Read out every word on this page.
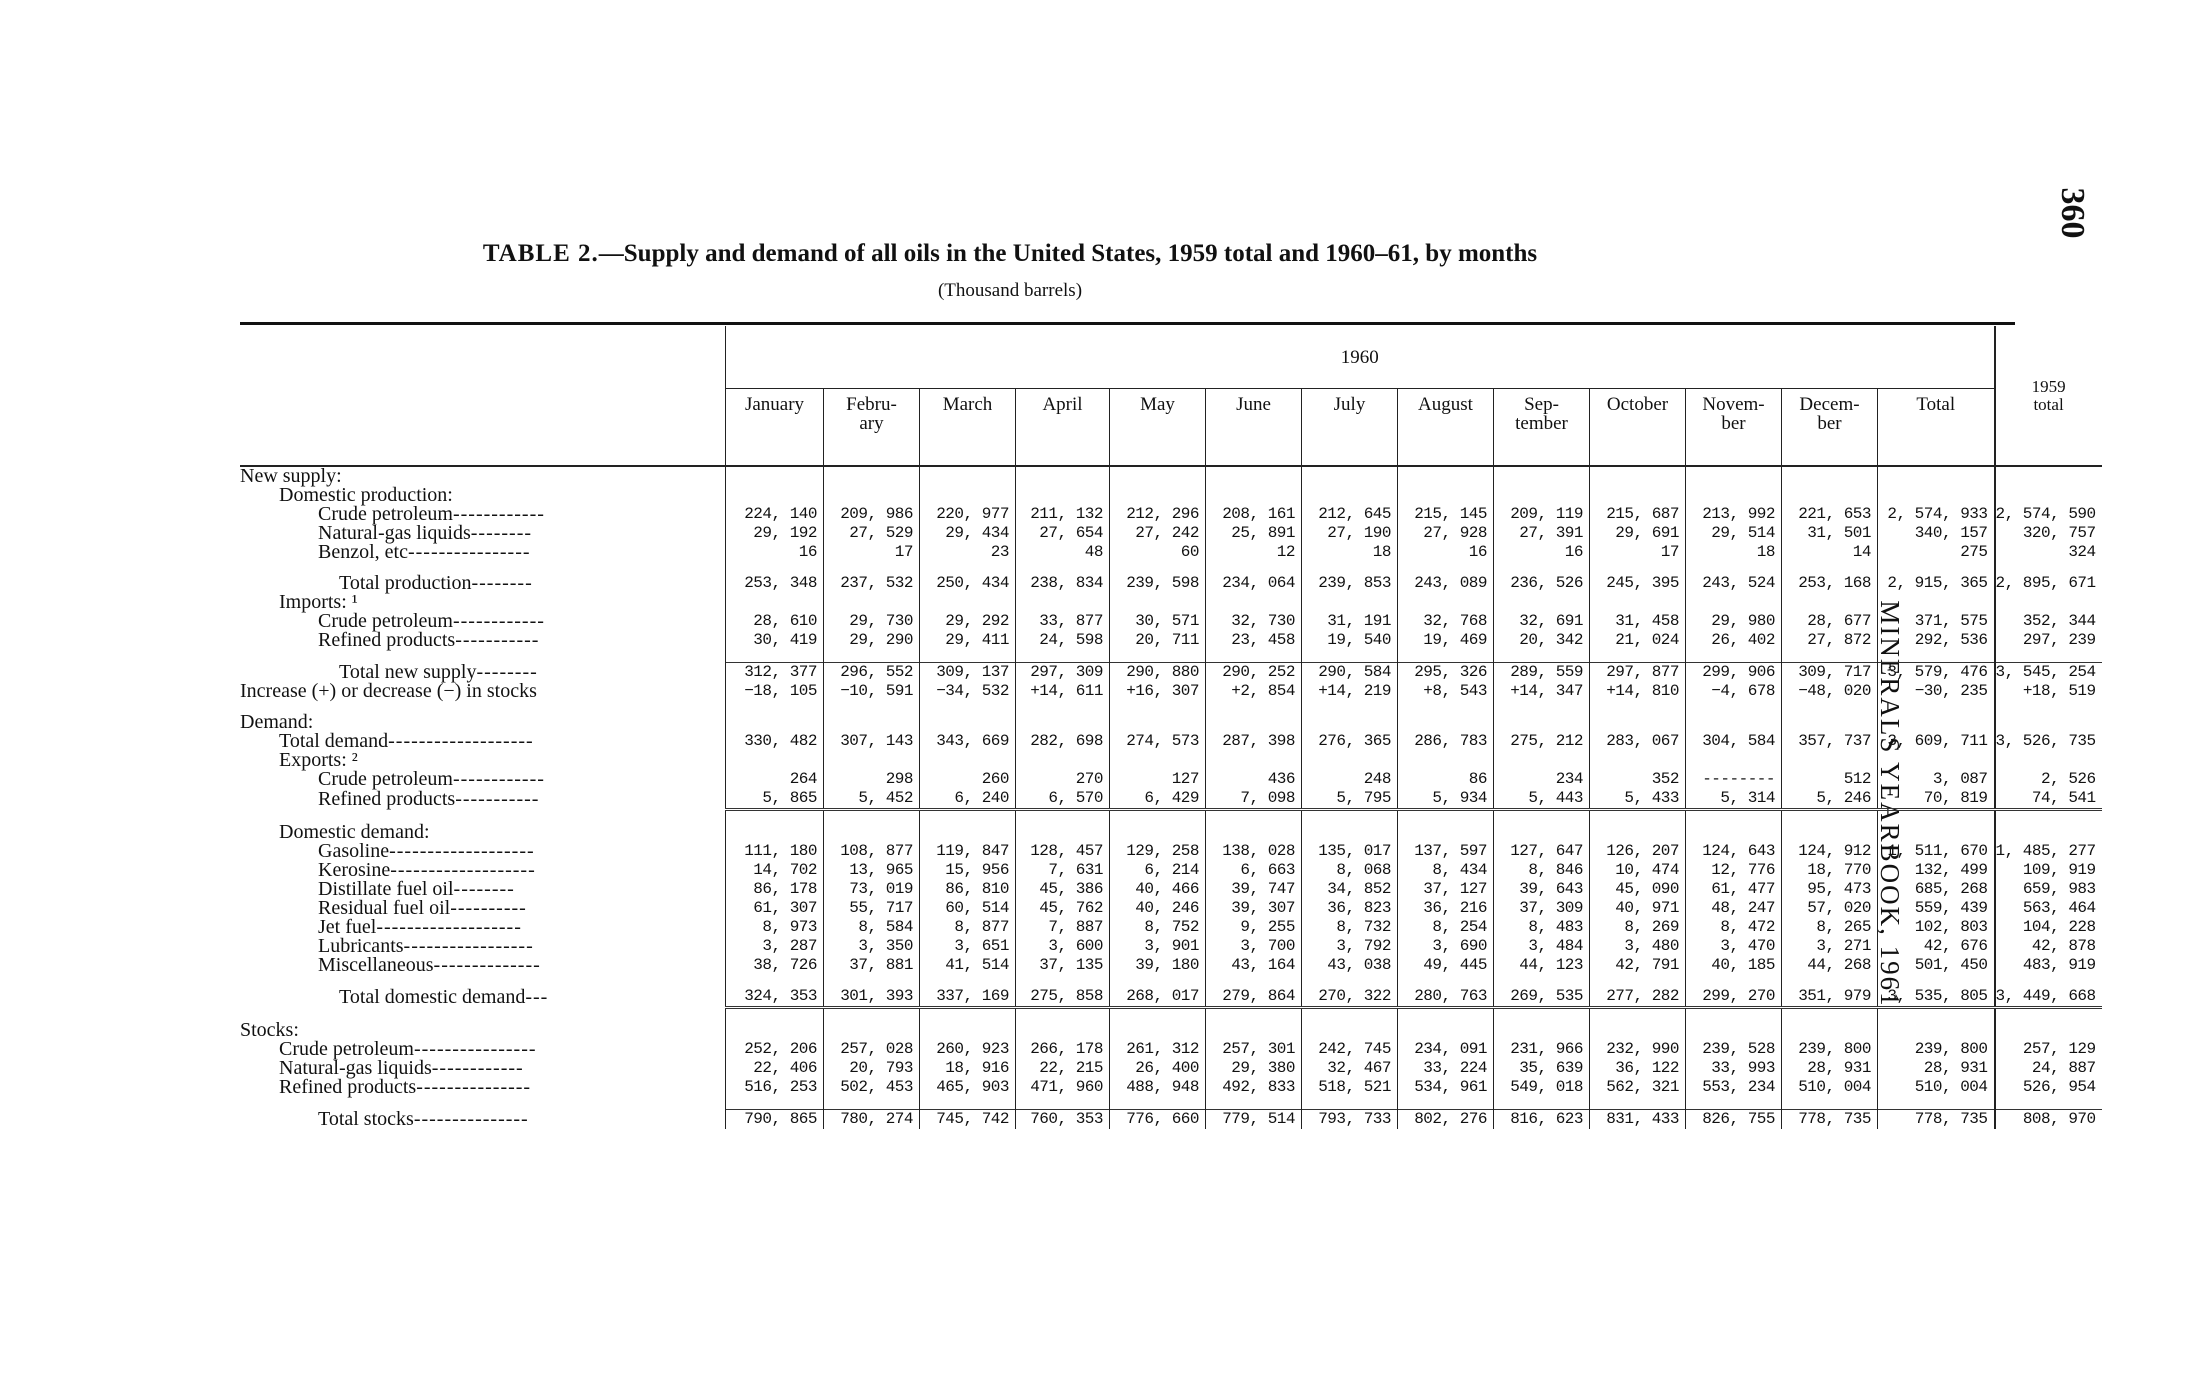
360
MINERALS YEARBOOK, 1961
TABLE 2.—Supply and demand of all oils in the United States, 1959 total and 1960–61, by months
(Thousand barrels)
	1960													1959
total
	January	Febru-
ary	March	April	May	June	July	August	Sep-
tember	October	Novem-
ber	Decem-
ber	Total	
New supply:														
Domestic production:														
Crude petroleum------------	224, 140	209, 986	220, 977	211, 132	212, 296	208, 161	212, 645	215, 145	209, 119	215, 687	213, 992	221, 653	2, 574, 933	2, 574, 590
Natural-gas liquids--------	29, 192	27, 529	29, 434	27, 654	27, 242	25, 891	27, 190	27, 928	27, 391	29, 691	29, 514	31, 501	340, 157	320, 757
Benzol, etc----------------	16	17	23	48	60	12	18	16	16	17	18	14	275	324

Total production--------	253, 348	237, 532	250, 434	238, 834	239, 598	234, 064	239, 853	243, 089	236, 526	245, 395	243, 524	253, 168	2, 915, 365	2, 895, 671
Imports: ¹														
Crude petroleum------------	28, 610	29, 730	29, 292	33, 877	30, 571	32, 730	31, 191	32, 768	32, 691	31, 458	29, 980	28, 677	371, 575	352, 344
Refined products-----------	30, 419	29, 290	29, 411	24, 598	20, 711	23, 458	19, 540	19, 469	20, 342	21, 024	26, 402	27, 872	292, 536	297, 239

Total new supply--------	312, 377	296, 552	309, 137	297, 309	290, 880	290, 252	290, 584	295, 326	289, 559	297, 877	299, 906	309, 717	3, 579, 476	3, 545, 254
Increase (+) or decrease (−) in stocks	−18, 105	−10, 591	−34, 532	+14, 611	+16, 307	+2, 854	+14, 219	+8, 543	+14, 347	+14, 810	−4, 678	−48, 020	−30, 235	+18, 519

Demand:														
Total demand-------------------	330, 482	307, 143	343, 669	282, 698	274, 573	287, 398	276, 365	286, 783	275, 212	283, 067	304, 584	357, 737	3, 609, 711	3, 526, 735
Exports: ²														
Crude petroleum------------	264	298	260	270	127	436	248	86	234	352	--------	512	3, 087	2, 526
Refined products-----------	5, 865	5, 452	6, 240	6, 570	6, 429	7, 098	5, 795	5, 934	5, 443	5, 433	5, 314	5, 246	70, 819	74, 541

Domestic demand:														
Gasoline-------------------	111, 180	108, 877	119, 847	128, 457	129, 258	138, 028	135, 017	137, 597	127, 647	126, 207	124, 643	124, 912	1, 511, 670	1, 485, 277
Kerosine-------------------	14, 702	13, 965	15, 956	7, 631	6, 214	6, 663	8, 068	8, 434	8, 846	10, 474	12, 776	18, 770	132, 499	109, 919
Distillate fuel oil--------	86, 178	73, 019	86, 810	45, 386	40, 466	39, 747	34, 852	37, 127	39, 643	45, 090	61, 477	95, 473	685, 268	659, 983
Residual fuel oil----------	61, 307	55, 717	60, 514	45, 762	40, 246	39, 307	36, 823	36, 216	37, 309	40, 971	48, 247	57, 020	559, 439	563, 464
Jet fuel-------------------	8, 973	8, 584	8, 877	7, 887	8, 752	9, 255	8, 732	8, 254	8, 483	8, 269	8, 472	8, 265	102, 803	104, 228
Lubricants-----------------	3, 287	3, 350	3, 651	3, 600	3, 901	3, 700	3, 792	3, 690	3, 484	3, 480	3, 470	3, 271	42, 676	42, 878
Miscellaneous--------------	38, 726	37, 881	41, 514	37, 135	39, 180	43, 164	43, 038	49, 445	44, 123	42, 791	40, 185	44, 268	501, 450	483, 919

Total domestic demand---	324, 353	301, 393	337, 169	275, 858	268, 017	279, 864	270, 322	280, 763	269, 535	277, 282	299, 270	351, 979	3, 535, 805	3, 449, 668

Stocks:														
Crude petroleum----------------	252, 206	257, 028	260, 923	266, 178	261, 312	257, 301	242, 745	234, 091	231, 966	232, 990	239, 528	239, 800	239, 800	257, 129
Natural-gas liquids------------	22, 406	20, 793	18, 916	22, 215	26, 400	29, 380	32, 467	33, 224	35, 639	36, 122	33, 993	28, 931	28, 931	24, 887
Refined products---------------	516, 253	502, 453	465, 903	471, 960	488, 948	492, 833	518, 521	534, 961	549, 018	562, 321	553, 234	510, 004	510, 004	526, 954

Total stocks---------------	790, 865	780, 274	745, 742	760, 353	776, 660	779, 514	793, 733	802, 276	816, 623	831, 433	826, 755	778, 735	778, 735	808, 970
